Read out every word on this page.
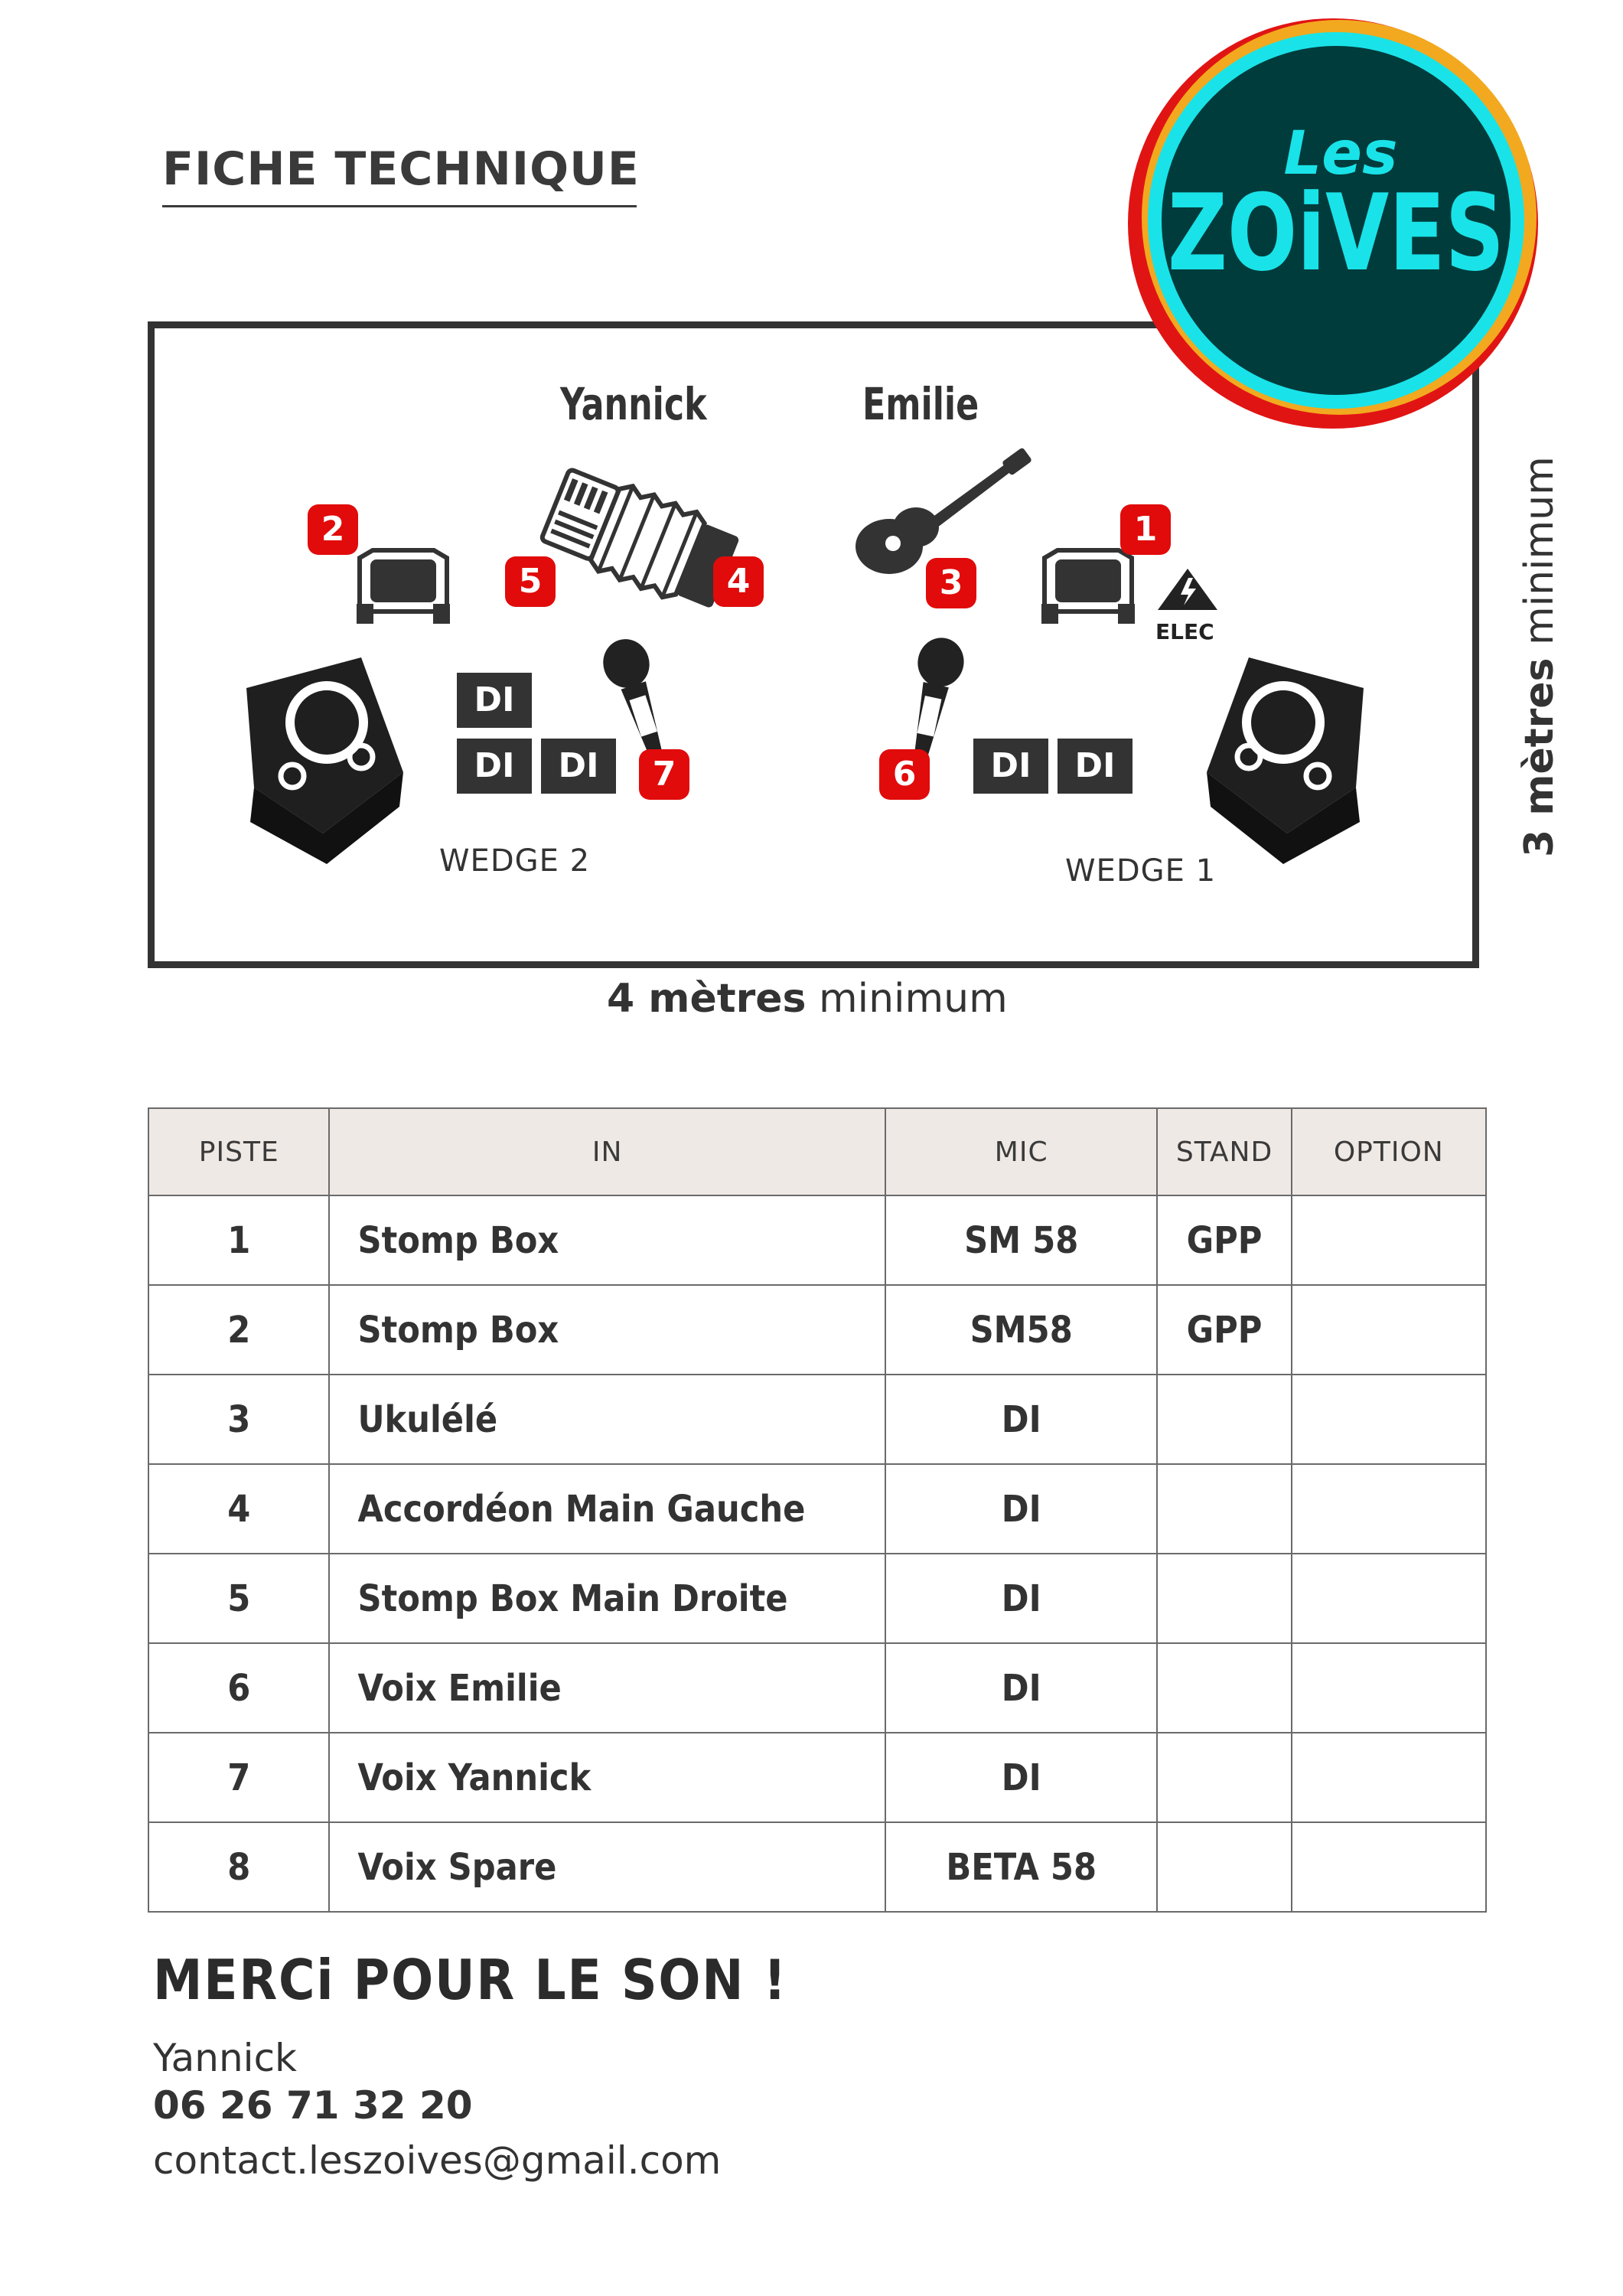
FICHE TECHNIQUE
Yannick	Emilie
2
5	4	3
1
ELEC
WEDGE 2
DI
DI	DI	7	6	DI	DI
WEDGE 1
Les
ZOiVES
4 mètres minimum
3 mètres minimum
PISTE	IN	MIC	STAND	OPTION
1	Stomp Box	SM 58	GPP	
2	Stomp Box	SM58	GPP	
3	Ukulélé	DI		
4	Accordéon Main Gauche	DI		
5	Stomp Box Main Droite	DI		
6	Voix Emilie	DI		
7	Voix Yannick	DI		
8	Voix Spare	BETA 58		
MERCi POUR LE SON !
Yannick
06 26 71 32 20
contact.leszoives@gmail.com
